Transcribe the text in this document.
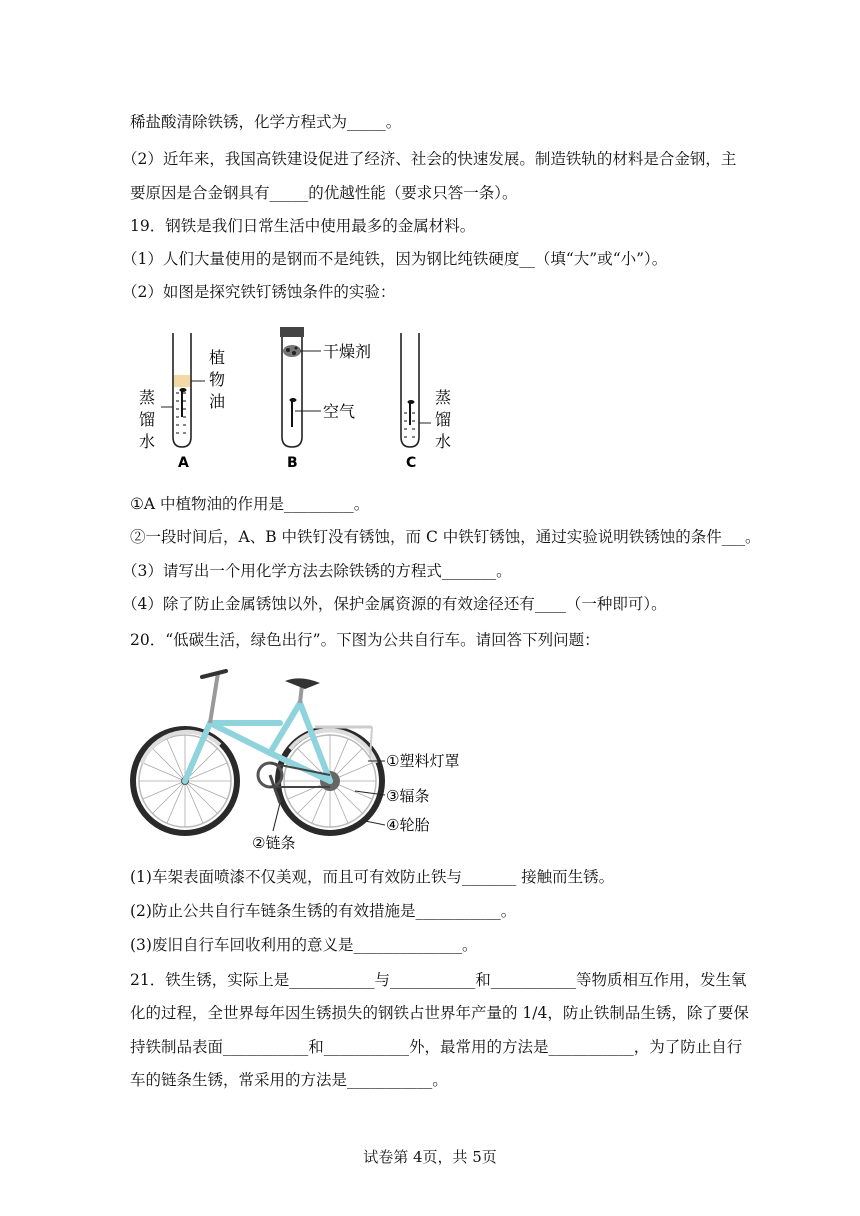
稀盐酸清除铁锈，化学方程式为_____。
（2）近年来，我国高铁建设促进了经济、社会的快速发展。制造铁轨的材料是合金钢，主
要原因是合金钢具有_____的优越性能（要求只答一条）。
19．钢铁是我们日常生活中使用最多的金属材料。
（1）人们大量使用的是钢而不是纯铁，因为钢比纯铁硬度__（填“大”或“小”）。
（2）如图是探究铁钉锈蚀条件的实验：
植
物
油
蒸
馏
水
A
干燥剂
空气
B
蒸
馏
水
C
①A 中植物油的作用是_________。
②一段时间后，A、B 中铁钉没有锈蚀，而 C 中铁钉锈蚀，通过实验说明铁锈蚀的条件___。
（3）请写出一个用化学方法去除铁锈的方程式_______。
（4）除了防止金属锈蚀以外，保护金属资源的有效途径还有____（一种即可）。
20．“低碳生活，绿色出行”。下图为公共自行车。请回答下列问题：
①塑料灯罩
③辐条
④轮胎
②链条
(1)车架表面喷漆不仅美观，而且可有效防止铁与_______ 接触而生锈。
(2)防止公共自行车链条生锈的有效措施是___________。
(3)废旧自行车回收利用的意义是______________。
21．铁生锈，实际上是___________与___________和___________等物质相互作用，发生氧
化的过程，全世界每年因生锈损失的钢铁占世界年产量的 1/4，防止铁制品生锈，除了要保
持铁制品表面___________和___________外，最常用的方法是___________，为了防止自行
车的链条生锈，常采用的方法是___________。
试卷第 4页，共 5页
